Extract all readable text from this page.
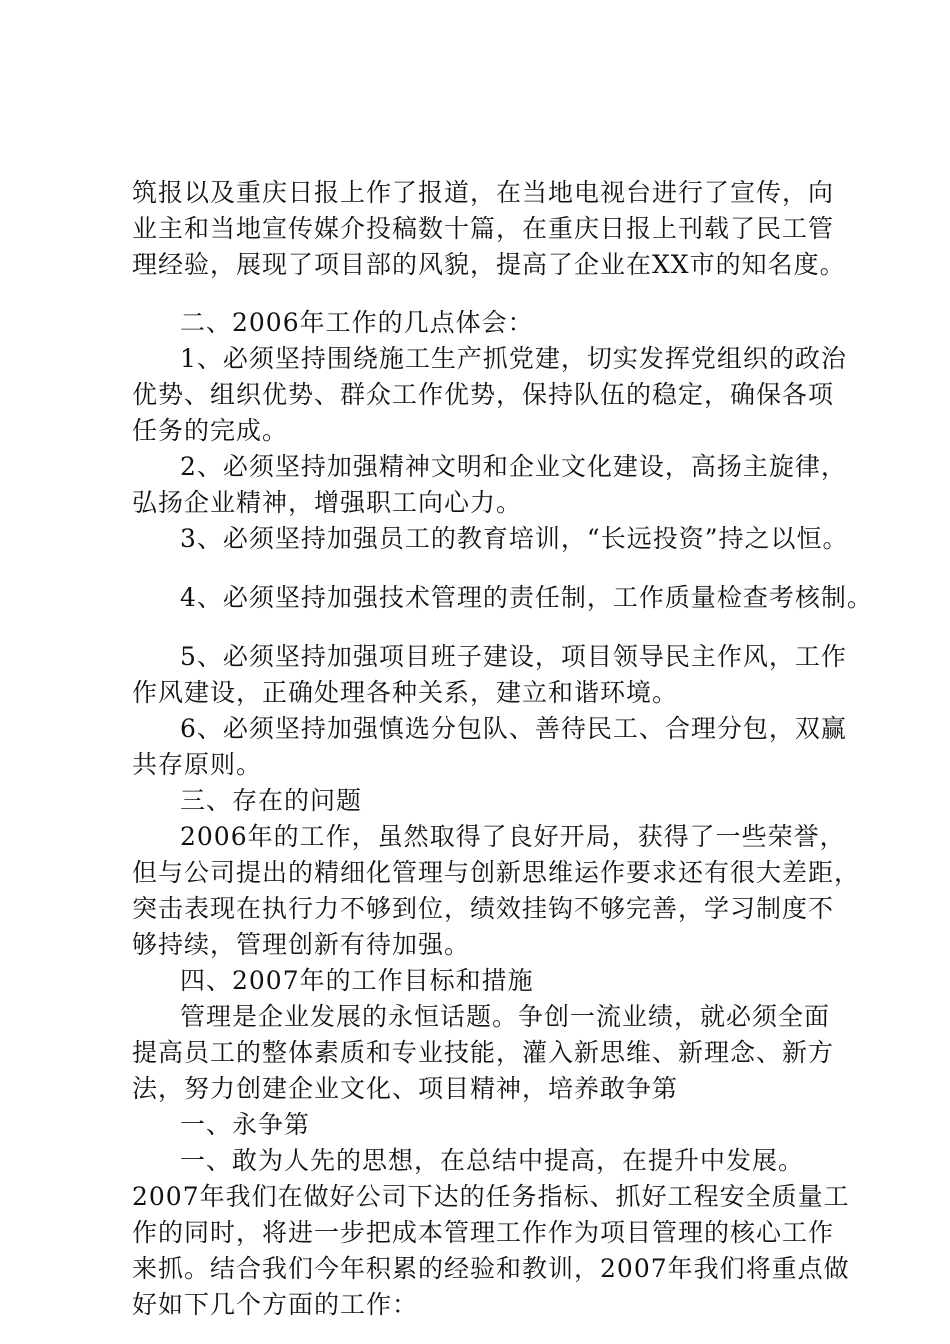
筑报以及重庆日报上作了报道，在当地电视台进行了宣传，向
业主和当地宣传媒介投稿数十篇，在重庆日报上刊载了民工管
理经验，展现了项目部的风貌，提高了企业在XX市的知名度。
二、2006年工作的几点体会：
1、必须坚持围绕施工生产抓党建，切实发挥党组织的政治
优势、组织优势、群众工作优势，保持队伍的稳定，确保各项
任务的完成。
2、必须坚持加强精神文明和企业文化建设，高扬主旋律，
弘扬企业精神，增强职工向心力。
3、必须坚持加强员工的教育培训，“长远投资”持之以恒。
4、必须坚持加强技术管理的责任制，工作质量检查考核制。
5、必须坚持加强项目班子建设，项目领导民主作风，工作
作风建设，正确处理各种关系，建立和谐环境。
6、必须坚持加强慎选分包队、善待民工、合理分包，双赢
共存原则。
三、存在的问题
2006年的工作，虽然取得了良好开局，获得了一些荣誉，
但与公司提出的精细化管理与创新思维运作要求还有很大差距，
突击表现在执行力不够到位，绩效挂钩不够完善，学习制度不
够持续，管理创新有待加强。
四、2007年的工作目标和措施
管理是企业发展的永恒话题。争创一流业绩，就必须全面
提高员工的整体素质和专业技能，灌入新思维、新理念、新方
法，努力创建企业文化、项目精神，培养敢争第
一、永争第
一、敢为人先的思想，在总结中提高，在提升中发展。
2007年我们在做好公司下达的任务指标、抓好工程安全质量工
作的同时，将进一步把成本管理工作作为项目管理的核心工作
来抓。结合我们今年积累的经验和教训，2007年我们将重点做
好如下几个方面的工作：
